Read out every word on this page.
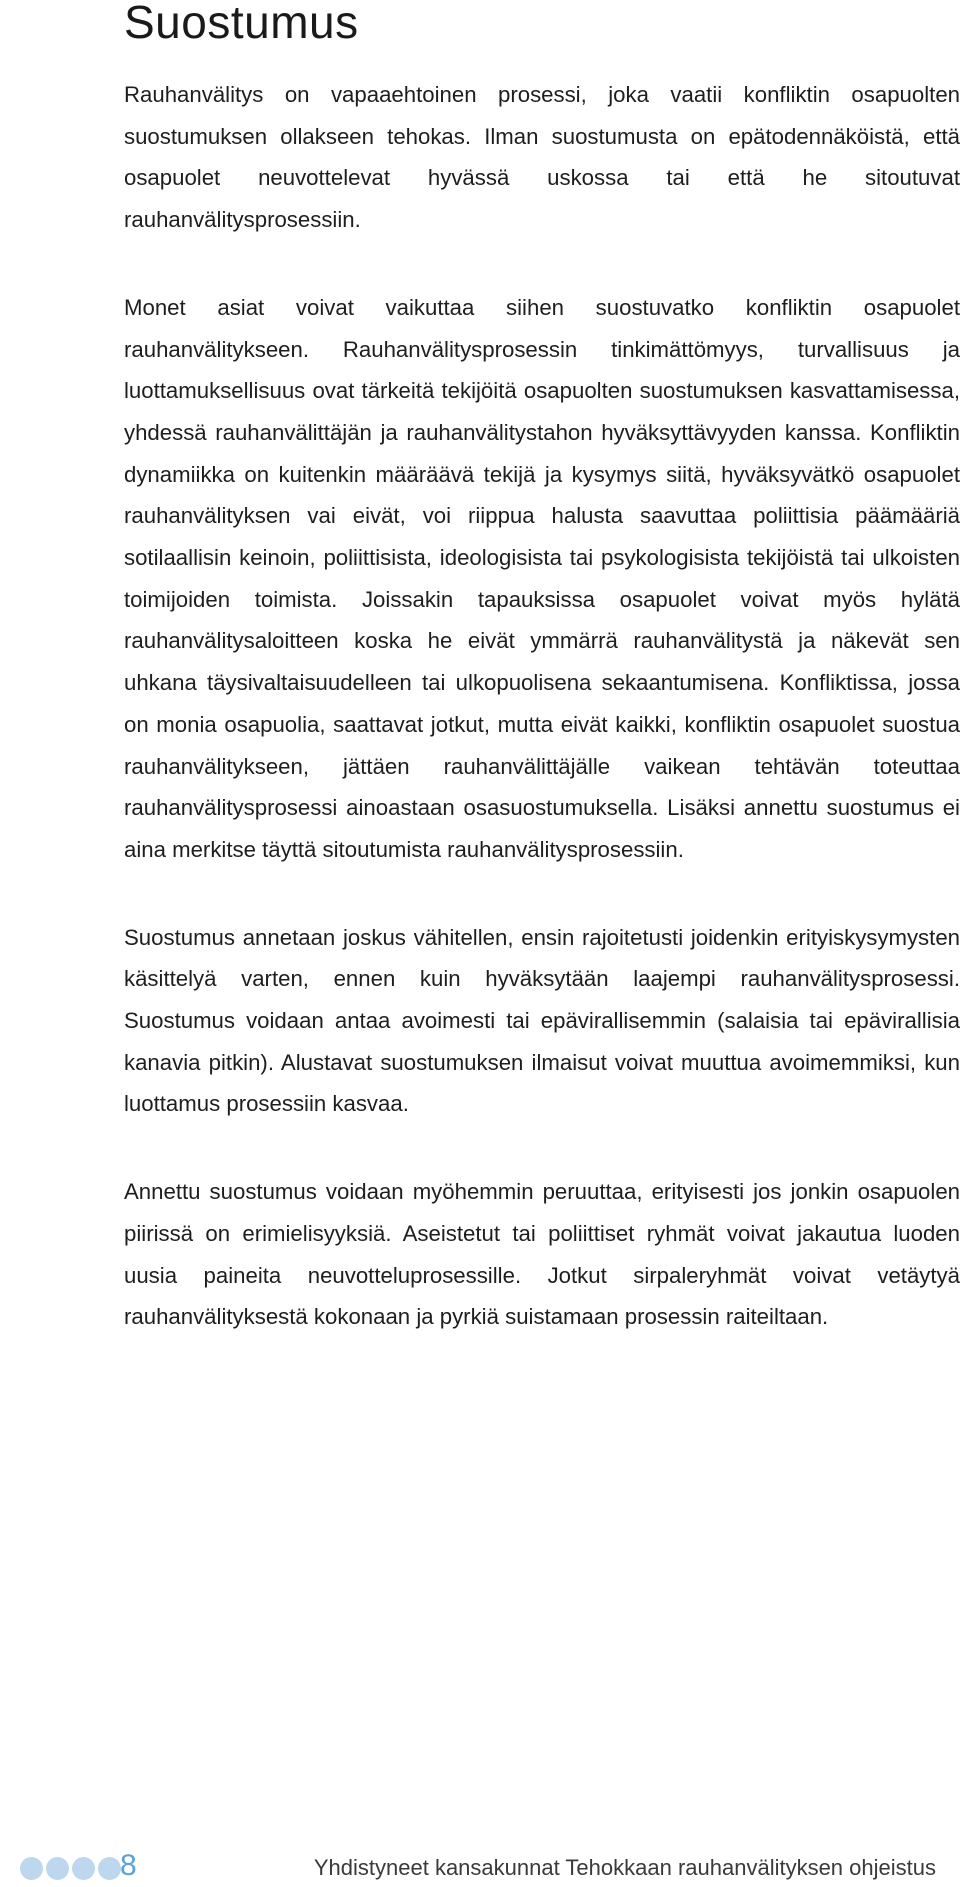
Suostumus

Rauhanvälitys on vapaaehtoinen prosessi, joka vaatii konfliktin osapuolten suostumuksen ollakseen tehokas. Ilman suostumusta on epätodennäköistä, että osapuolet neuvottelevat hyvässä uskossa tai että he sitoutuvat rauhanvälitysprosessiin.

Monet asiat voivat vaikuttaa siihen suostuvatko konfliktin osapuolet rauhanvälitykseen. Rauhanvälitysprosessin tinkimättömyys, turvallisuus ja luottamuksellisuus ovat tärkeitä tekijöitä osapuolten suostumuksen kasvattamisessa, yhdessä rauhanvälittäjän ja rauhanvälitystahon hyväksyttävyyden kanssa. Konfliktin dynamiikka on kuitenkin määräävä tekijä ja kysymys siitä, hyväksyvätkö osapuolet rauhanvälityksen vai eivät, voi riippua halusta saavuttaa poliittisia päämääriä sotilaallisin keinoin, poliittisista, ideologisista tai psykologisista tekijöistä tai ulkoisten toimijoiden toimista. Joissakin tapauksissa osapuolet voivat myös hylätä rauhanvälitysaloitteen koska he eivät ymmärrä rauhanvälitystä ja näkevät sen uhkana täysivaltaisuudelleen tai ulkopuolisena sekaantumisena. Konfliktissa, jossa on monia osapuolia, saattavat jotkut, mutta eivät kaikki, konfliktin osapuolet suostua rauhanvälitykseen, jättäen rauhanvälittäjälle vaikean tehtävän toteuttaa rauhanvälitysprosessi ainoastaan osasuostumuksella. Lisäksi annettu suostumus ei aina merkitse täyttä sitoutumista rauhanvälitysprosessiin.

Suostumus annetaan joskus vähitellen, ensin rajoitetusti joidenkin erityiskysymysten käsittelyä varten, ennen kuin hyväksytään laajempi rauhanvälitysprosessi. Suostumus voidaan antaa avoimesti tai epävirallisemmin (salaisia tai epävirallisia kanavia pitkin). Alustavat suostumuksen ilmaisut voivat muuttua avoimemmiksi, kun luottamus prosessiin kasvaa.

Annettu suostumus voidaan myöhemmin peruuttaa, erityisesti jos jonkin osapuolen piirissä on erimielisyyksiä. Aseistetut tai poliittiset ryhmät voivat jakautua luoden uusia paineita neuvotteluprosessille. Jotkut sirpaleryhmät voivat vetäytyä rauhanvälityksestä kokonaan ja pyrkiä suistamaan prosessin raiteiltaan.

8	Yhdistyneet kansakunnat Tehokkaan rauhanvälityksen ohjeistus
